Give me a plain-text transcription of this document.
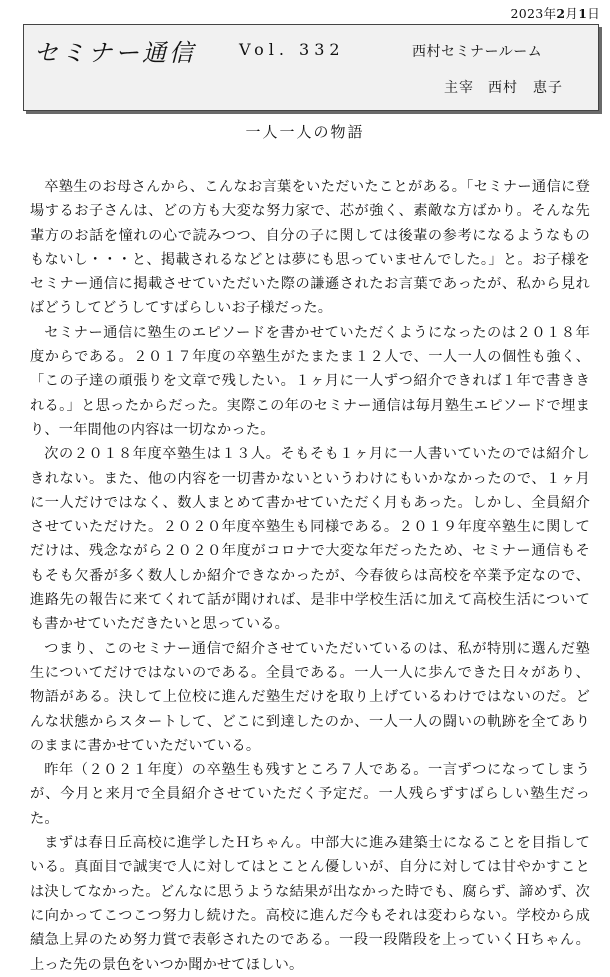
2023年2月1日
セミナー通信	Vol. 332	西村セミナールーム
主宰 西村　恵子
一人一人の物語

卒塾生のお母さんから、こんなお言葉をいただいたことがある。「セミナー通信に登場するお子さんは、どの方も大変な努力家で、芯が強く、素敵な方ばかり。そんな先輩方のお話を憧れの心で読みつつ、自分の子に関しては後輩の参考になるようなものもないし・・・と、掲載されるなどとは夢にも思っていませんでした。」と。お子様をセミナー通信に掲載させていただいた際の謙遜されたお言葉であったが、私から見ればどうしてどうしてすばらしいお子様だった。

セミナー通信に塾生のエピソードを書かせていただくようになったのは２０１８年度からである。２０１７年度の卒塾生がたまたま１２人で、一人一人の個性も強く、「この子達の頑張りを文章で残したい。１ヶ月に一人ずつ紹介できれば１年で書ききれる。」と思ったからだった。実際この年のセミナー通信は毎月塾生エピソードで埋まり、一年間他の内容は一切なかった。

次の２０１８年度卒塾生は１３人。そもそも１ヶ月に一人書いていたのでは紹介しきれない。また、他の内容を一切書かないというわけにもいかなかったので、１ヶ月に一人だけではなく、数人まとめて書かせていただく月もあった。しかし、全員紹介させていただけた。２０２０年度卒塾生も同様である。２０１９年度卒塾生に関してだけは、残念ながら２０２０年度がコロナで大変な年だったため、セミナー通信もそもそも欠番が多く数人しか紹介できなかったが、今春彼らは高校を卒業予定なので、進路先の報告に来てくれて話が聞ければ、是非中学校生活に加えて高校生活についても書かせていただきたいと思っている。

つまり、このセミナー通信で紹介させていただいているのは、私が特別に選んだ塾生についてだけではないのである。全員である。一人一人に歩んできた日々があり、物語がある。決して上位校に進んだ塾生だけを取り上げているわけではないのだ。どんな状態からスタートして、どこに到達したのか、一人一人の闘いの軌跡を全てありのままに書かせていただいている。

昨年（２０２１年度）の卒塾生も残すところ７人である。一言ずつになってしまうが、今月と来月で全員紹介させていただく予定だ。一人残らずすばらしい塾生だった。

まずは春日丘高校に進学したＨちゃん。中部大に進み建築士になることを目指している。真面目で誠実で人に対してはとことん優しいが、自分に対しては甘やかすことは決してなかった。どんなに思うような結果が出なかった時でも、腐らず、諦めず、次に向かってこつこつ努力し続けた。高校に進んだ今もそれは変わらない。学校から成績急上昇のため努力賞で表彰されたのである。一段一段階段を上っていくＨちゃん。上った先の景色をいつか聞かせてほしい。
